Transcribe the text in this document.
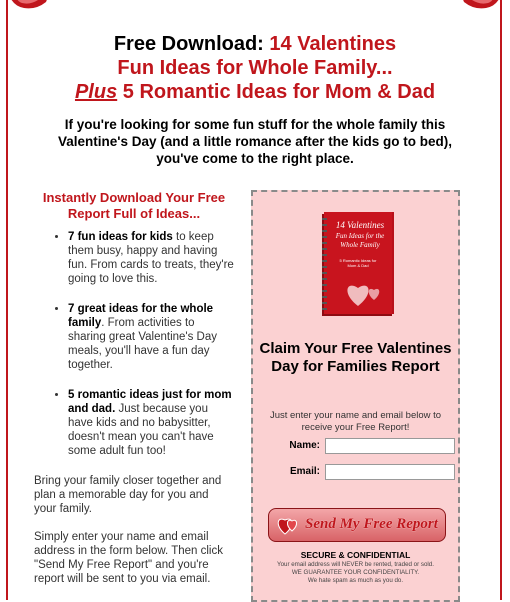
Free Download: 14 Valentines
Fun Ideas for Whole Family...
Plus 5 Romantic Ideas for Mom & Dad
If you're looking for some fun stuff for the whole family this Valentine's Day (and a little romance after the kids go to bed), you've come to the right place.
Instantly Download Your Free Report Full of Ideas...
• 7 fun ideas for kids to keep them busy, happy and having fun. From cards to treats, they're going to love this.
• 7 great ideas for the whole family. From activities to sharing great Valentine's Day meals, you'll have a fun day together.
• 5 romantic ideas just for mom and dad. Just because you have kids and no babysitter, doesn't mean you can't have some adult fun too!

Bring your family closer together and plan a memorable day for you and your family.

Simply enter your name and email address in the form below. Then click "Send My Free Report" and you're report will be sent to you via email.

14 Valentines
Fun Ideas for the
Whole Family
5 Romantic Ideas for
Mom & Dad
Claim Your Free Valentines Day for Families Report
Just enter your name and email below to receive your Free Report!
Name:
Email:
Send My Free Report
SECURE & CONFIDENTIAL
Your email address will NEVER be rented, traded or sold.
WE GUARANTEE YOUR CONFIDENTIALITY.
We hate spam as much as you do.
